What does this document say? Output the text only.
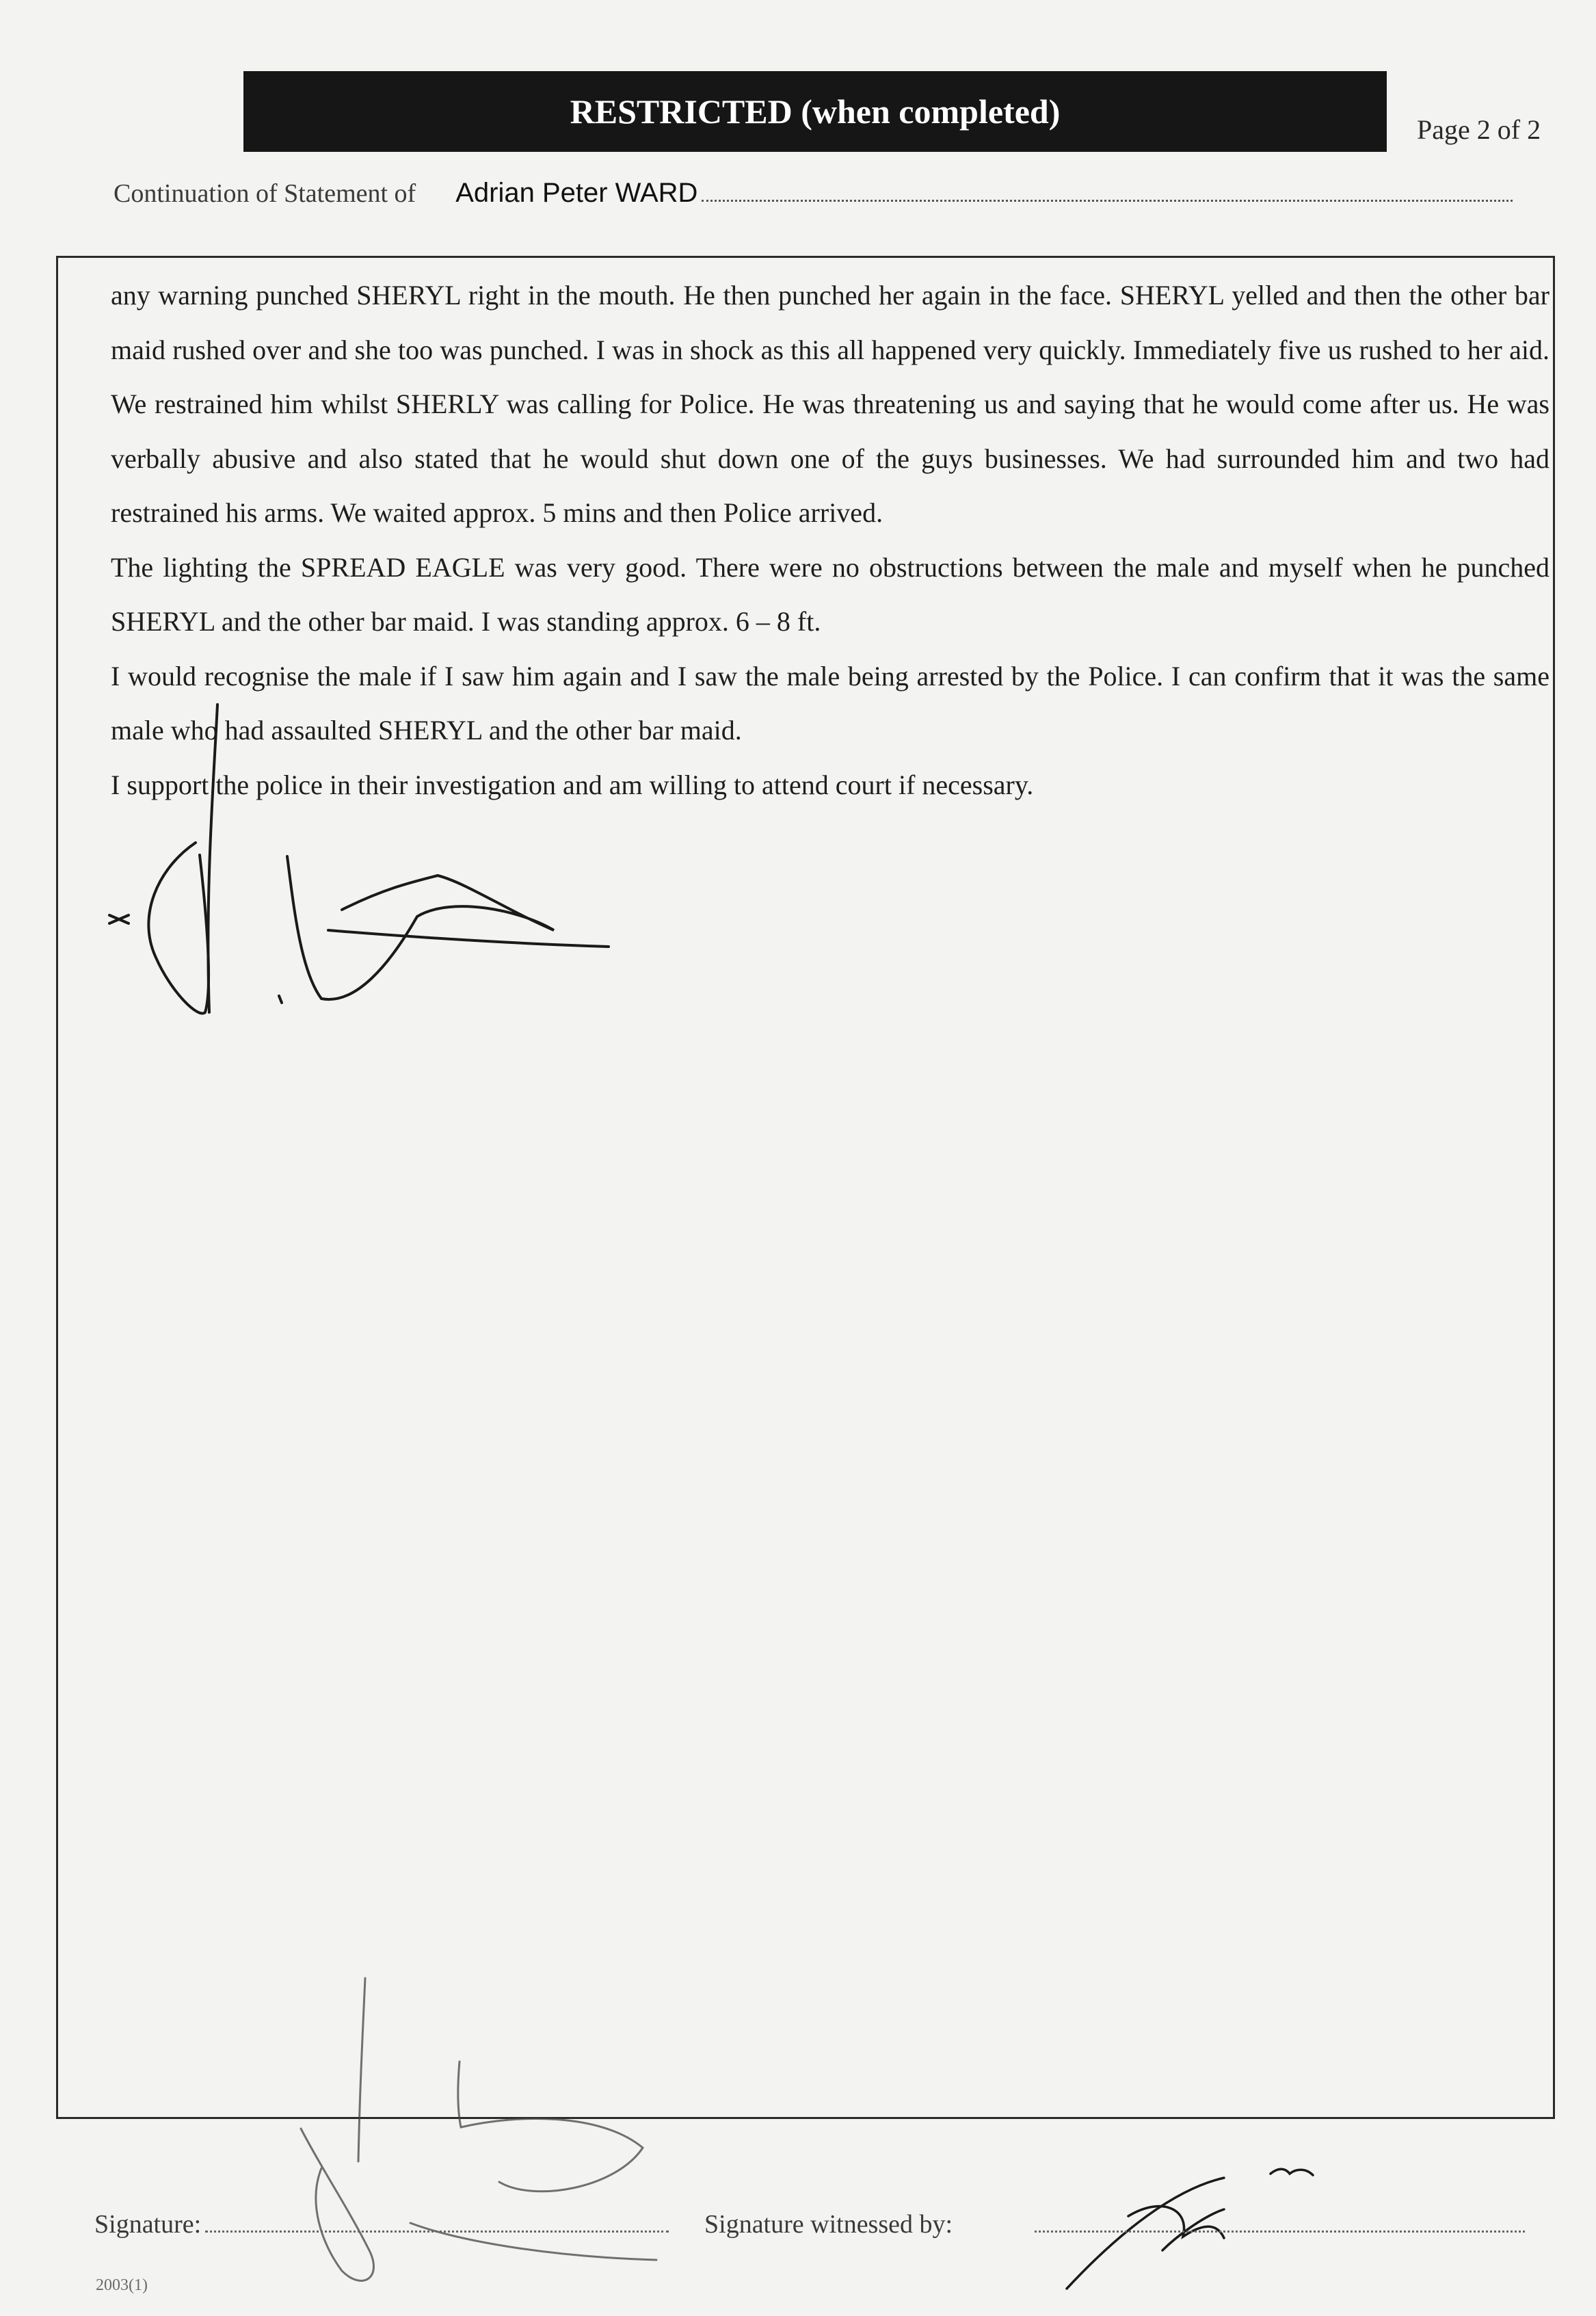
RESTRICTED (when completed)	Page 2 of 2
Continuation of Statement of Adrian Peter WARD

any warning punched SHERYL right in the mouth. He then punched her again in the face. SHERYL yelled and then the other bar maid rushed over and she too was punched. I was in shock as this all happened very quickly. Immediately five us rushed to her aid. We restrained him whilst SHERLY was calling for Police. He was threatening us and saying that he would come after us. He was verbally abusive and also stated that he would shut down one of the guys businesses. We had surrounded him and two had restrained his arms. We waited approx. 5 mins and then Police arrived.

The lighting the SPREAD EAGLE was very good. There were no obstructions between the male and myself when he punched SHERYL and the other bar maid. I was standing approx. 6 – 8 ft.

I would recognise the male if I saw him again and I saw the male being arrested by the Police. I can confirm that it was the same male who had assaulted SHERYL and the other bar maid.

I support the police in their investigation and am willing to attend court if necessary.

Signature:	Signature witnessed by:
2003(1)
